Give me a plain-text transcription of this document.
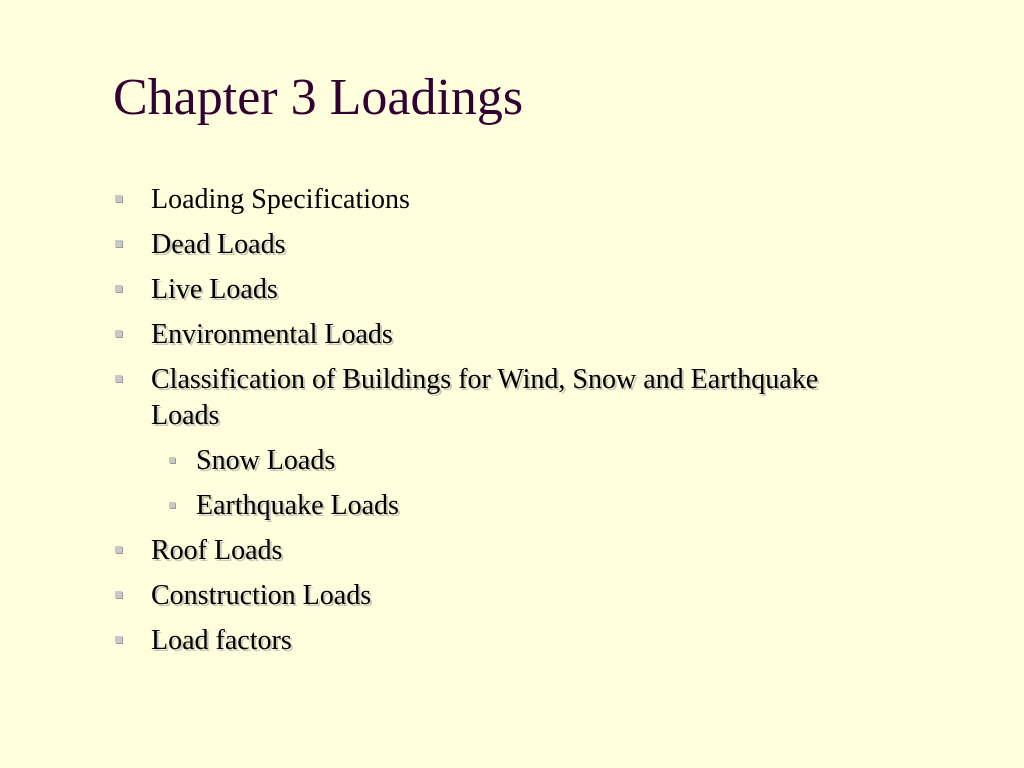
Chapter 3 Loadings
Loading Specifications
Dead Loads
Live Loads
Environmental Loads
Classification of Buildings for Wind, Snow and Earthquake Loads
Snow Loads
Earthquake Loads
Roof Loads
Construction Loads
Load factors
